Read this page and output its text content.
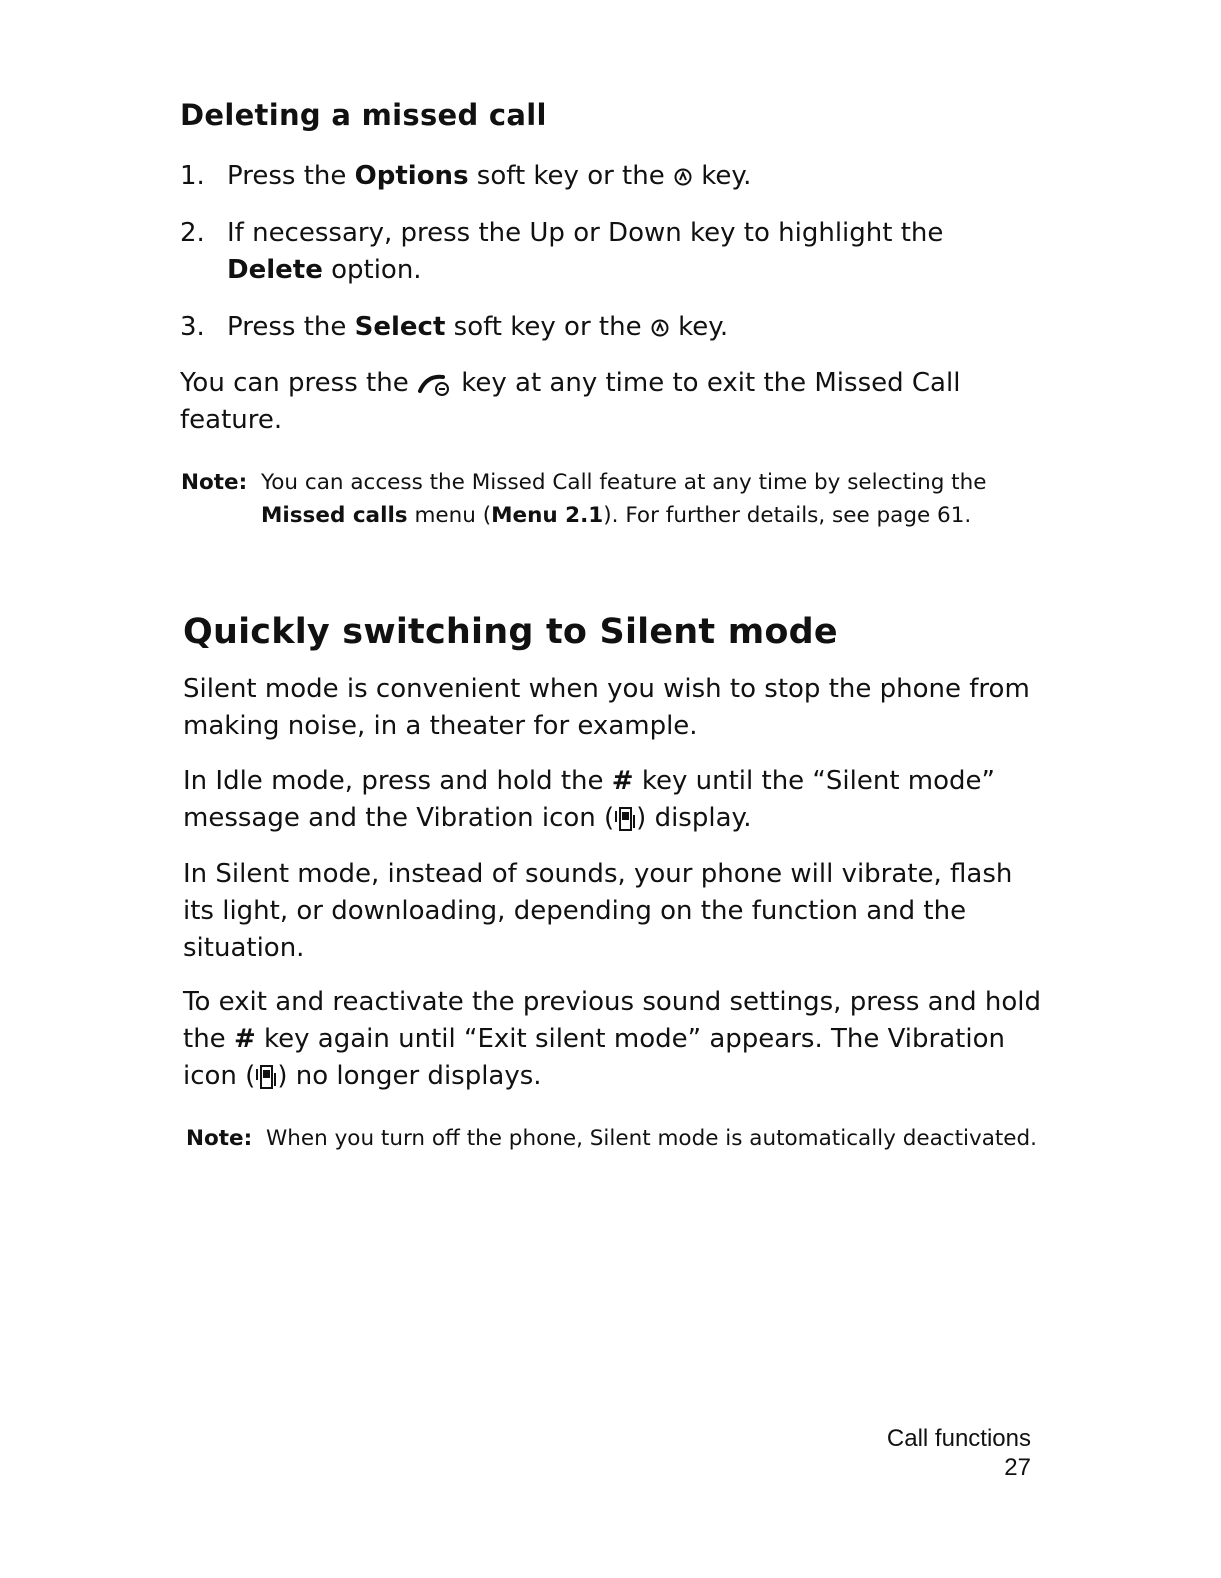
Deleting a missed call
1. Press the Options soft key or the  key.
2. If necessary, press the Up or Down key to highlight the Delete option.
3. Press the Select soft key or the  key.

You can press the  key at any time to exit the Missed Call feature.

Note: You can access the Missed Call feature at any time by selecting the Missed calls menu (Menu 2.1). For further details, see page 61.
Quickly switching to Silent mode

Silent mode is convenient when you wish to stop the phone from making noise, in a theater for example.

In Idle mode, press and hold the # key until the “Silent mode” message and the Vibration icon ( ) display.

In Silent mode, instead of sounds, your phone will vibrate, flash its light, or downloading, depending on the function and the situation.

To exit and reactivate the previous sound settings, press and hold the # key again until “Exit silent mode” appears. The Vibration icon ( ) no longer displays.

Note: When you turn off the phone, Silent mode is automatically deactivated.
Call functions
27
